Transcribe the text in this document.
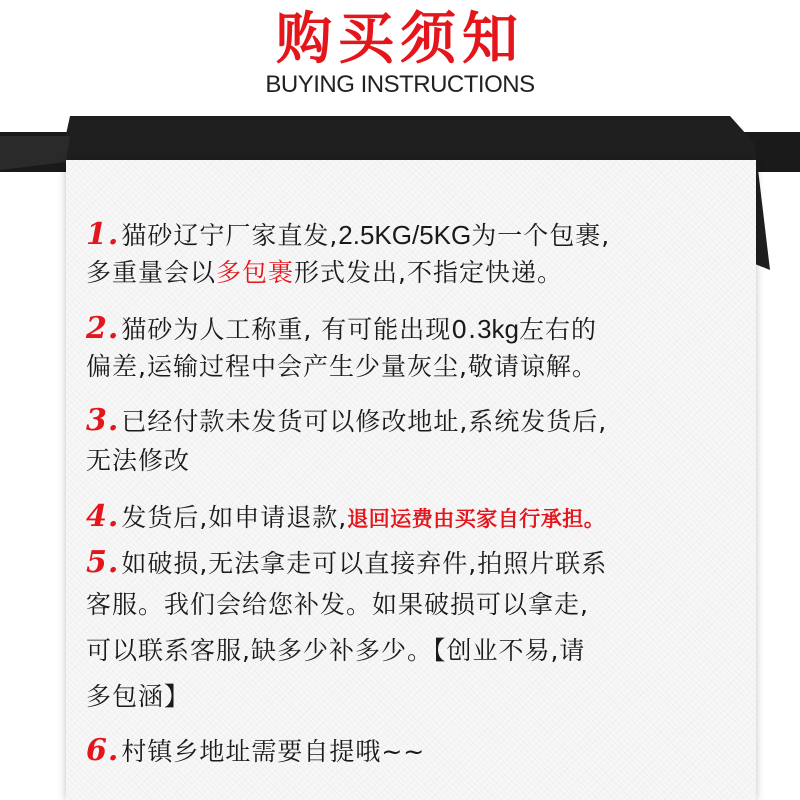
购买须知
BUYING INSTRUCTIONS
1.猫砂辽宁厂家直发,2.5KG/5KG为一个包裹,
多重量会以多包裹形式发出,不指定快递。
2.猫砂为人工称重, 有可能出现0.3kg左右的
偏差,运输过程中会产生少量灰尘,敬请谅解。
3.已经付款未发货可以修改地址,系统发货后,
无法修改
4.发货后,如申请退款,退回运费由买家自行承担。
5.如破损,无法拿走可以直接弃件,拍照片联系
客服。我们会给您补发。如果破损可以拿走,
可以联系客服,缺多少补多少。【创业不易,请
多包涵】
6.村镇乡地址需要自提哦~~
